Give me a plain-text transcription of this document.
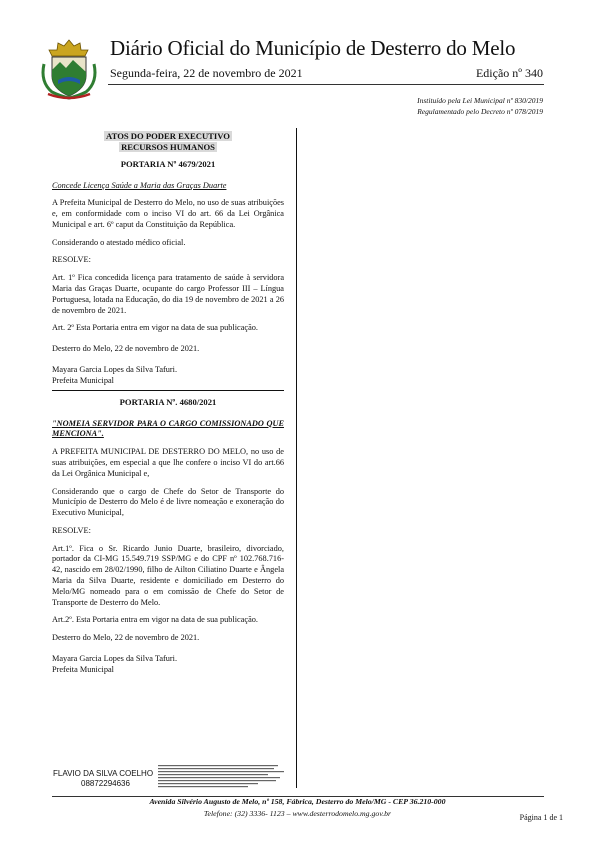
Diário Oficial do Município de Desterro do Melo
Segunda-feira, 22 de novembro de 2021	Edição nº 340
Instituído pela Lei Municipal nº 830/2019
Regulamentado pelo Decreto nº 078/2019
ATOS DO PODER EXECUTIVO
RECURSOS HUMANOS
PORTARIA Nº 4679/2021

Concede Licença Saúde a Maria das Graças Duarte

A Prefeita Municipal de Desterro do Melo, no uso de suas atribuições e, em conformidade com o inciso VI do art. 66 da Lei Orgânica Municipal e art. 6º caput da Constituição da República.

Considerando o atestado médico oficial.

RESOLVE:

Art. 1º Fica concedida licença para tratamento de saúde à servidora Maria das Graças Duarte, ocupante do cargo Professor III – Língua Portuguesa, lotada na Educação, do dia 19 de novembro de 2021 a 26 de novembro de 2021.

Art. 2º Esta Portaria entra em vigor na data de sua publicação.

Desterro do Melo, 22 de novembro de 2021.

Mayara Garcia Lopes da Silva Tafuri.

Prefeita Municipal

PORTARIA Nº. 4680/2021

"NOMEIA SERVIDOR PARA O CARGO COMISSIONADO QUE MENCIONA".

A PREFEITA MUNICIPAL DE DESTERRO DO MELO, no uso de suas atribuições, em especial a que lhe confere o inciso VI do art.66 da Lei Orgânica Municipal e,

Considerando que o cargo de Chefe do Setor de Transporte do Município de Desterro do Melo é de livre nomeação e exoneração do Executivo Municipal,

RESOLVE:

Art.1º. Fica o Sr. Ricardo Junio Duarte, brasileiro, divorciado, portador da CI-MG 15.549.719 SSP/MG e do CPF nº 102.768.716-42, nascido em 28/02/1990, filho de Ailton Ciliatino Duarte e Ângela Maria da Silva Duarte, residente e domiciliado em Desterro do Melo/MG nomeado para o em comissão de Chefe do Setor de Transporte de Desterro do Melo.

Art.2º. Esta Portaria entra em vigor na data de sua publicação.

Desterro do Melo, 22 de novembro de 2021.

Mayara Garcia Lopes da Silva Tafuri.

Prefeita Municipal

FLAVIO DA SILVA COELHO
08872294636
Avenida Silvério Augusto de Melo, nº 158, Fábrica, Desterro do Melo/MG - CEP 36.210-000
Telefone: (32) 3336- 1123 – www.desterrodomelo.mg.gov.br	Página 1 de 1
